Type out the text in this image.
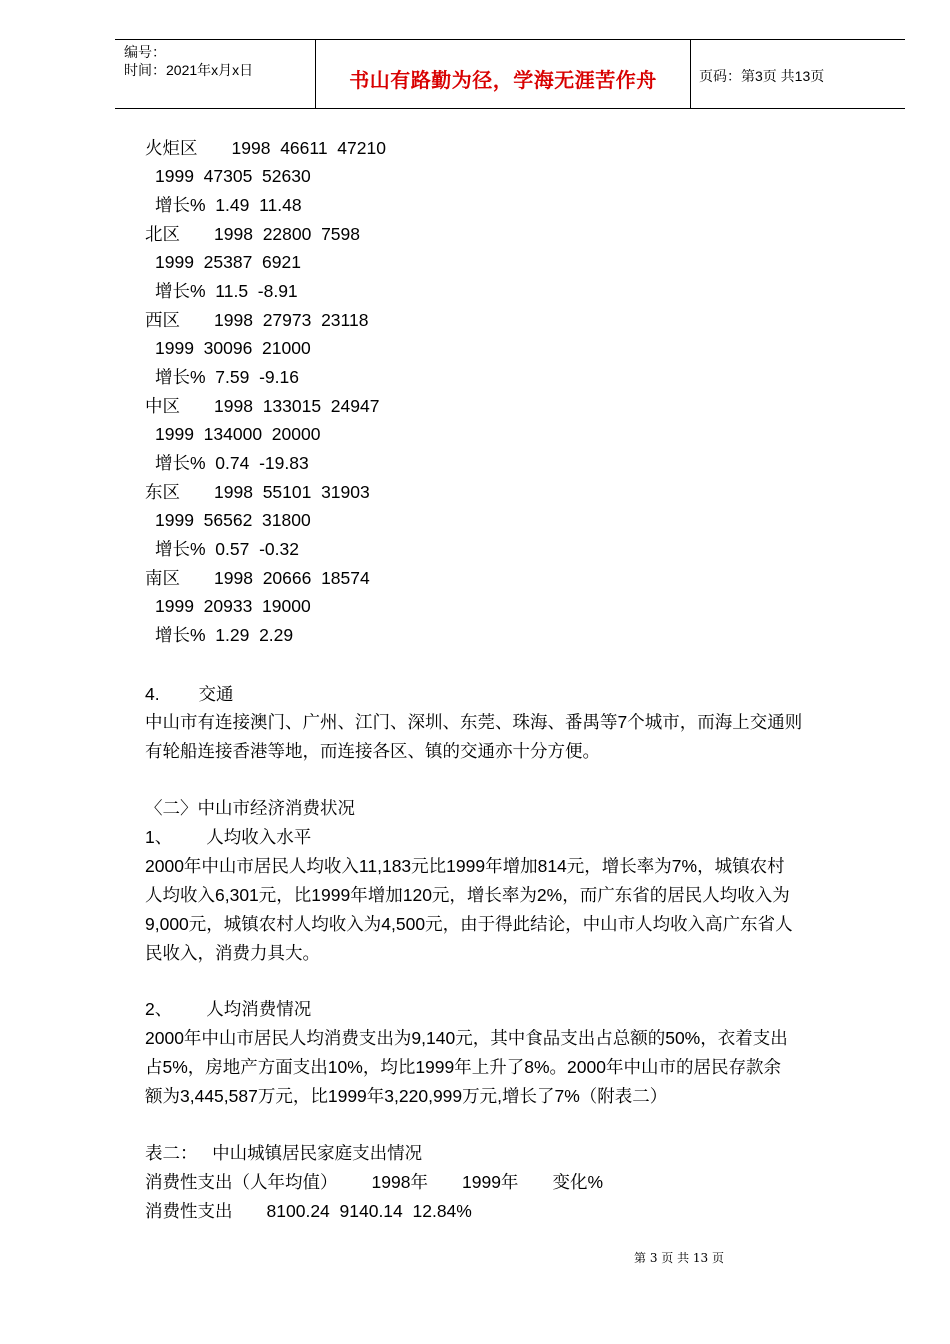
编号：
时间：2021年x月x日	书山有路勤为径，学海无涯苦作舟	页码：第3页 共13页
火炬区       1998  46611  47210
1999  47305  52630
增长%  1.49  11.48
北区       1998  22800  7598
1999  25387  6921
增长%  11.5  -8.91
西区       1998  27973  23118
1999  30096  21000
增长%  7.59  -9.16
中区       1998  133015  24947
1999  134000  20000
增长%  0.74  -19.83
东区       1998  55101  31903
1999  56562  31800
增长%  0.57  -0.32
南区       1998  20666  18574
1999  20933  19000
增长%  1.29  2.29
4.        交通
中山市有连接澳门、广州、江门、深圳、东莞、珠海、番禺等7个城市，而海上交通则
有轮船连接香港等地，而连接各区、镇的交通亦十分方便。
〈二〉中山市经济消费状况
1、       人均收入水平
2000年中山市居民人均收入11,183元比1999年增加814元，增长率为7%，城镇农村
人均收入6,301元，比1999年增加120元，增长率为2%，而广东省的居民人均收入为
9,000元，城镇农村人均收入为4,500元，由于得此结论，中山市人均收入高广东省人
民收入，消费力具大。
2、       人均消费情况
2000年中山市居民人均消费支出为9,140元，其中食品支出占总额的50%，衣着支出
占5%，房地产方面支出10%，均比1999年上升了8%。2000年中山市的居民存款余
额为3,445,587万元，比1999年3,220,999万元,增长了7%（附表二）
表二：   中山城镇居民家庭支出情况
消费性支出（人年均值）       1998年       1999年       变化%
消费性支出       8100.24  9140.14  12.84%
第 3 页 共 13 页
